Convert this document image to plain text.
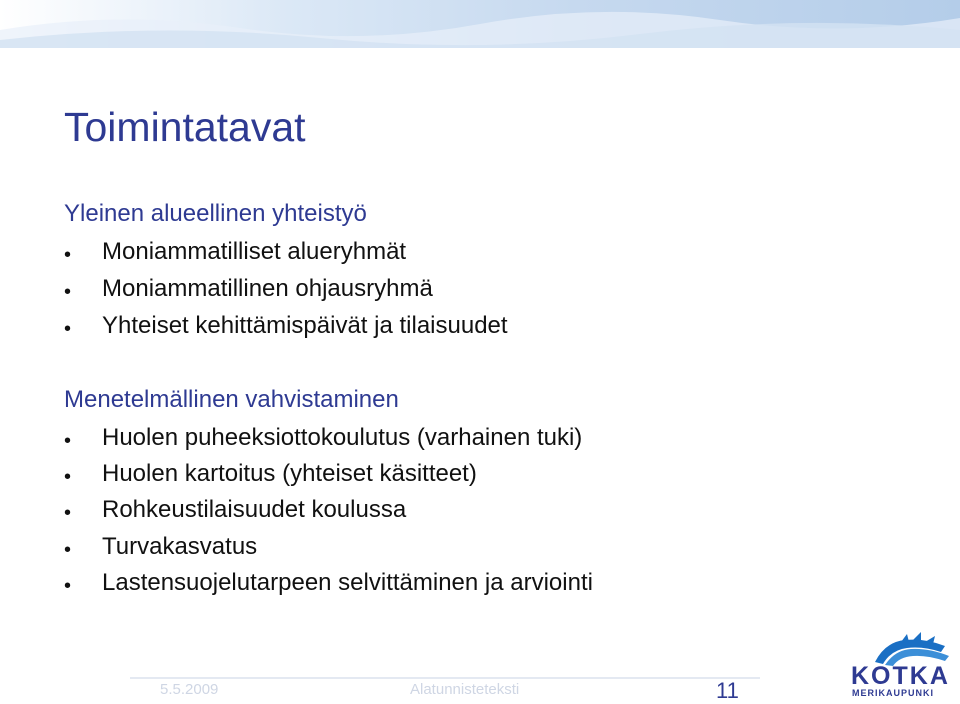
Toimintatavat
Yleinen alueellinen yhteistyö
• Moniammatilliset alueryhmät
• Moniammatillinen ohjausryhmä
• Yhteiset kehittämispäivät ja tilaisuudet
Menetelmällinen vahvistaminen
• Huolen puheeksiottokoulutus (varhainen tuki)
• Huolen kartoitus (yhteiset käsitteet)
• Rohkeustilaisuudet koulussa
• Turvakasvatus
• Lastensuojelutarpeen selvittäminen ja arviointi
5.5.2009	Alatunnisteteksti	11
KOTKA
MERIKAUPUNKI
